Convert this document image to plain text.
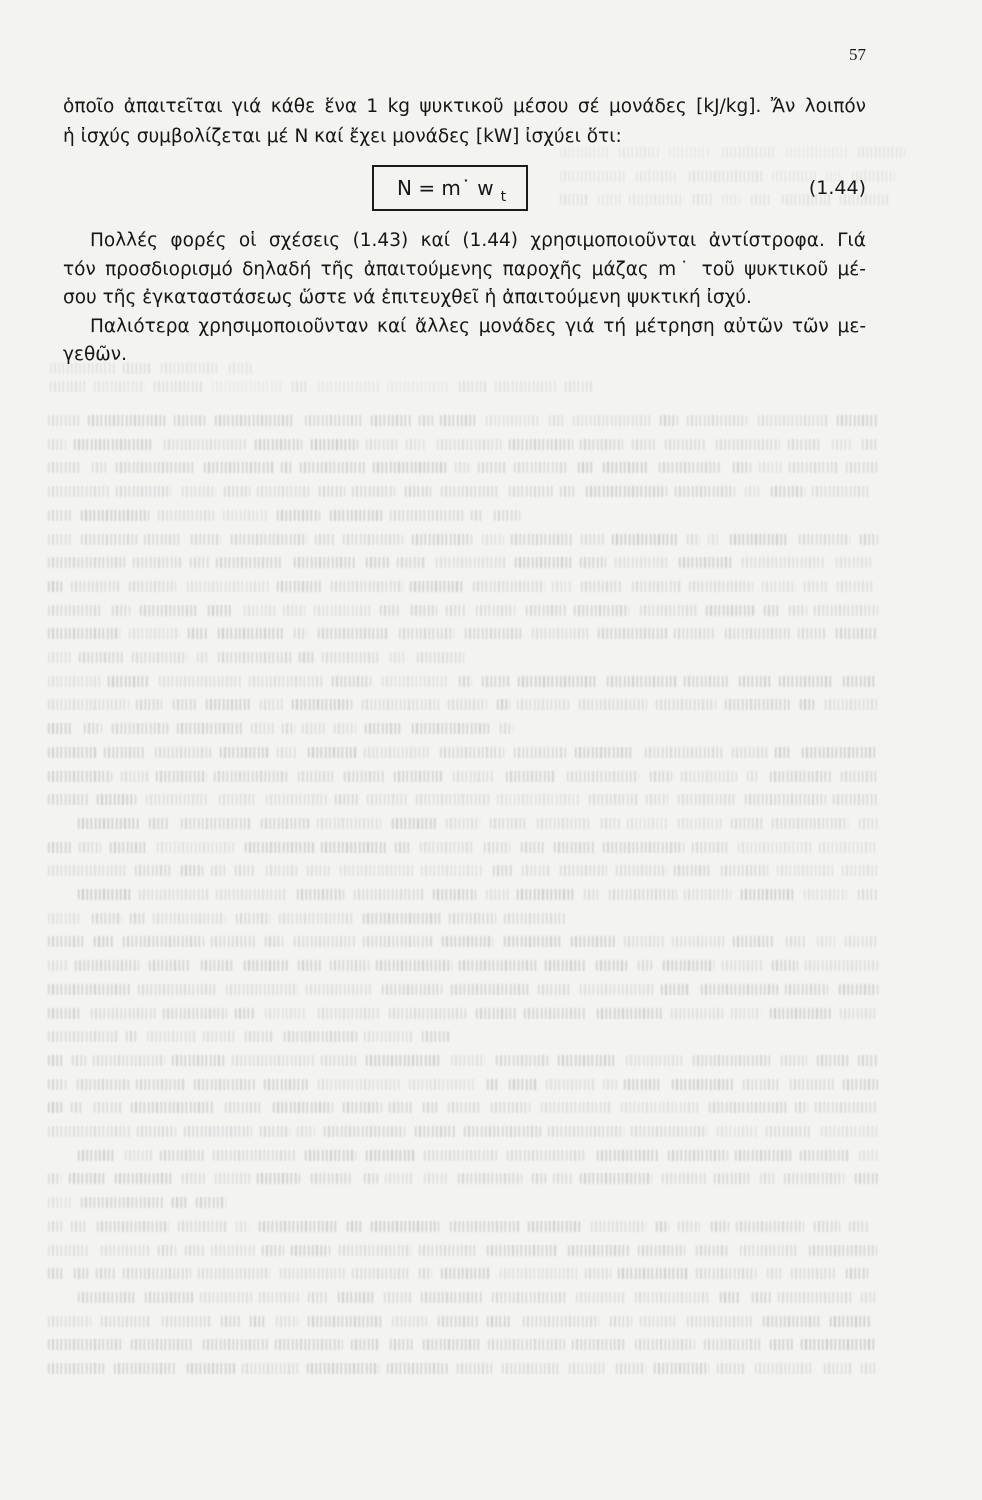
57
ὁποῖο ἀπαιτεῖται γιά κάθε ἕνα 1 kg ψυκτικοῦ μέσου σέ μονάδες [kJ/kg]. Ἄν λοιπόν
ἡ ἰσχύς συμβολίζεται μέ N καί ἔχει μονάδες [kW] ἰσχύει ὅτι:
N = m˙ w $_t$	(1.44)
Πολλές φορές οἱ σχέσεις (1.43) καί (1.44) χρησιμοποιοῦνται ἀντίστροφα. Γιά
τόν προσδιορισμό δηλαδή τῆς ἀπαιτούμενης παροχῆς μάζας m˙ τοῦ ψυκτικοῦ μέ-
σου τῆς ἐγκαταστάσεως ὥστε νά ἐπιτευχθεῖ ἡ ἀπαιτούμενη ψυκτική ἰσχύ.
Παλιότερα χρησιμοποιοῦνταν καί ἄλλες μονάδες γιά τή μέτρηση αὐτῶν τῶν με-
γεθῶν.
